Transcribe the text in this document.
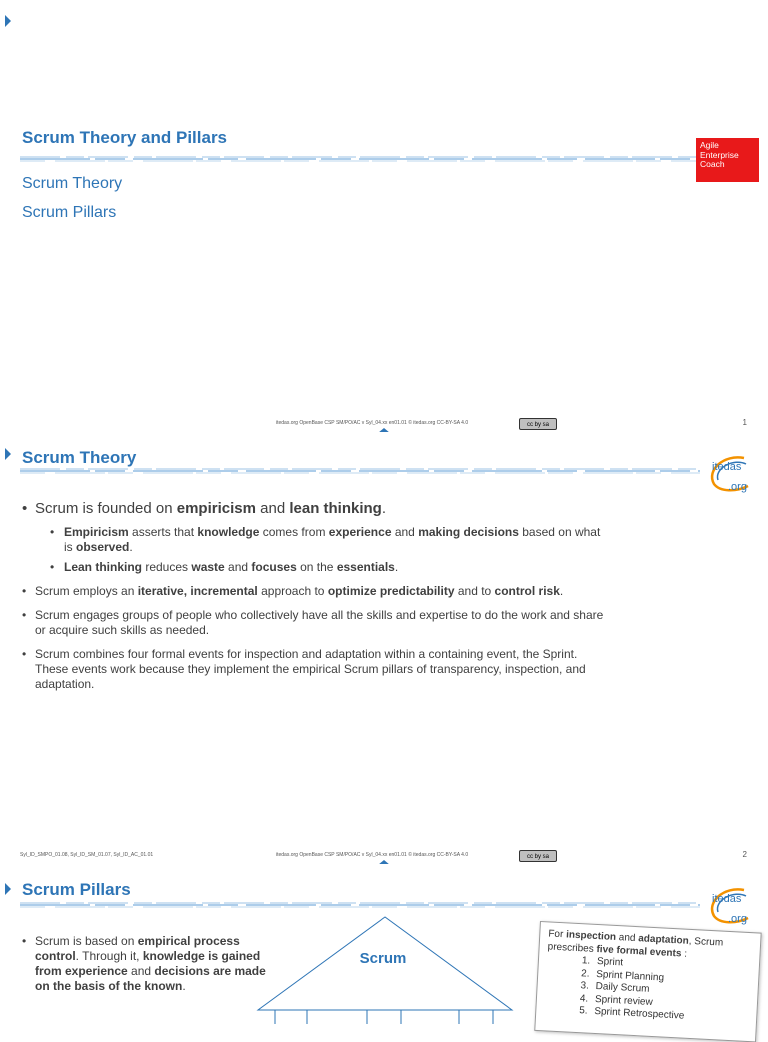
Scrum Theory and Pillars
Scrum Theory
Scrum Pillars
Agile
Enterprise
Coach
itedas.org OpenBase CSP SM/PO/AC v Syl_04.xx en01.01 © itedas.org CC-BY-SA 4.0	cc by sa	1
Scrum Theory	itedas
.org
• Scrum is founded on empiricism and lean thinking.
• Empiricism asserts that knowledge comes from experience and making decisions based on what is observed.
• Lean thinking reduces waste and focuses on the essentials.
• Scrum employs an iterative, incremental approach to optimize predictability and to control risk.
• Scrum engages groups of people who collectively have all the skills and expertise to do the work and share or acquire such skills as needed.
• Scrum combines four formal events for inspection and adaptation within a containing event, the Sprint. These events work because they implement the empirical Scrum pillars of transparency, inspection, and adaptation.
Syl_ID_SMPO_01.08, Syl_ID_SM_01.07, Syl_ID_AC_01.01	itedas.org OpenBase CSP SM/PO/AC v Syl_04.xx en01.01 © itedas.org CC-BY-SA 4.0	cc by sa	2
Scrum Pillars	itedas
.org
• Scrum is based on empirical process control. Through it, knowledge is gained from experience and decisions are made on the basis of the known.
Scrum
For inspection and adaptation, Scrum prescribes five formal events :
1. Sprint
2. Sprint Planning
3. Daily Scrum
4. Sprint review
5. Sprint Retrospective
